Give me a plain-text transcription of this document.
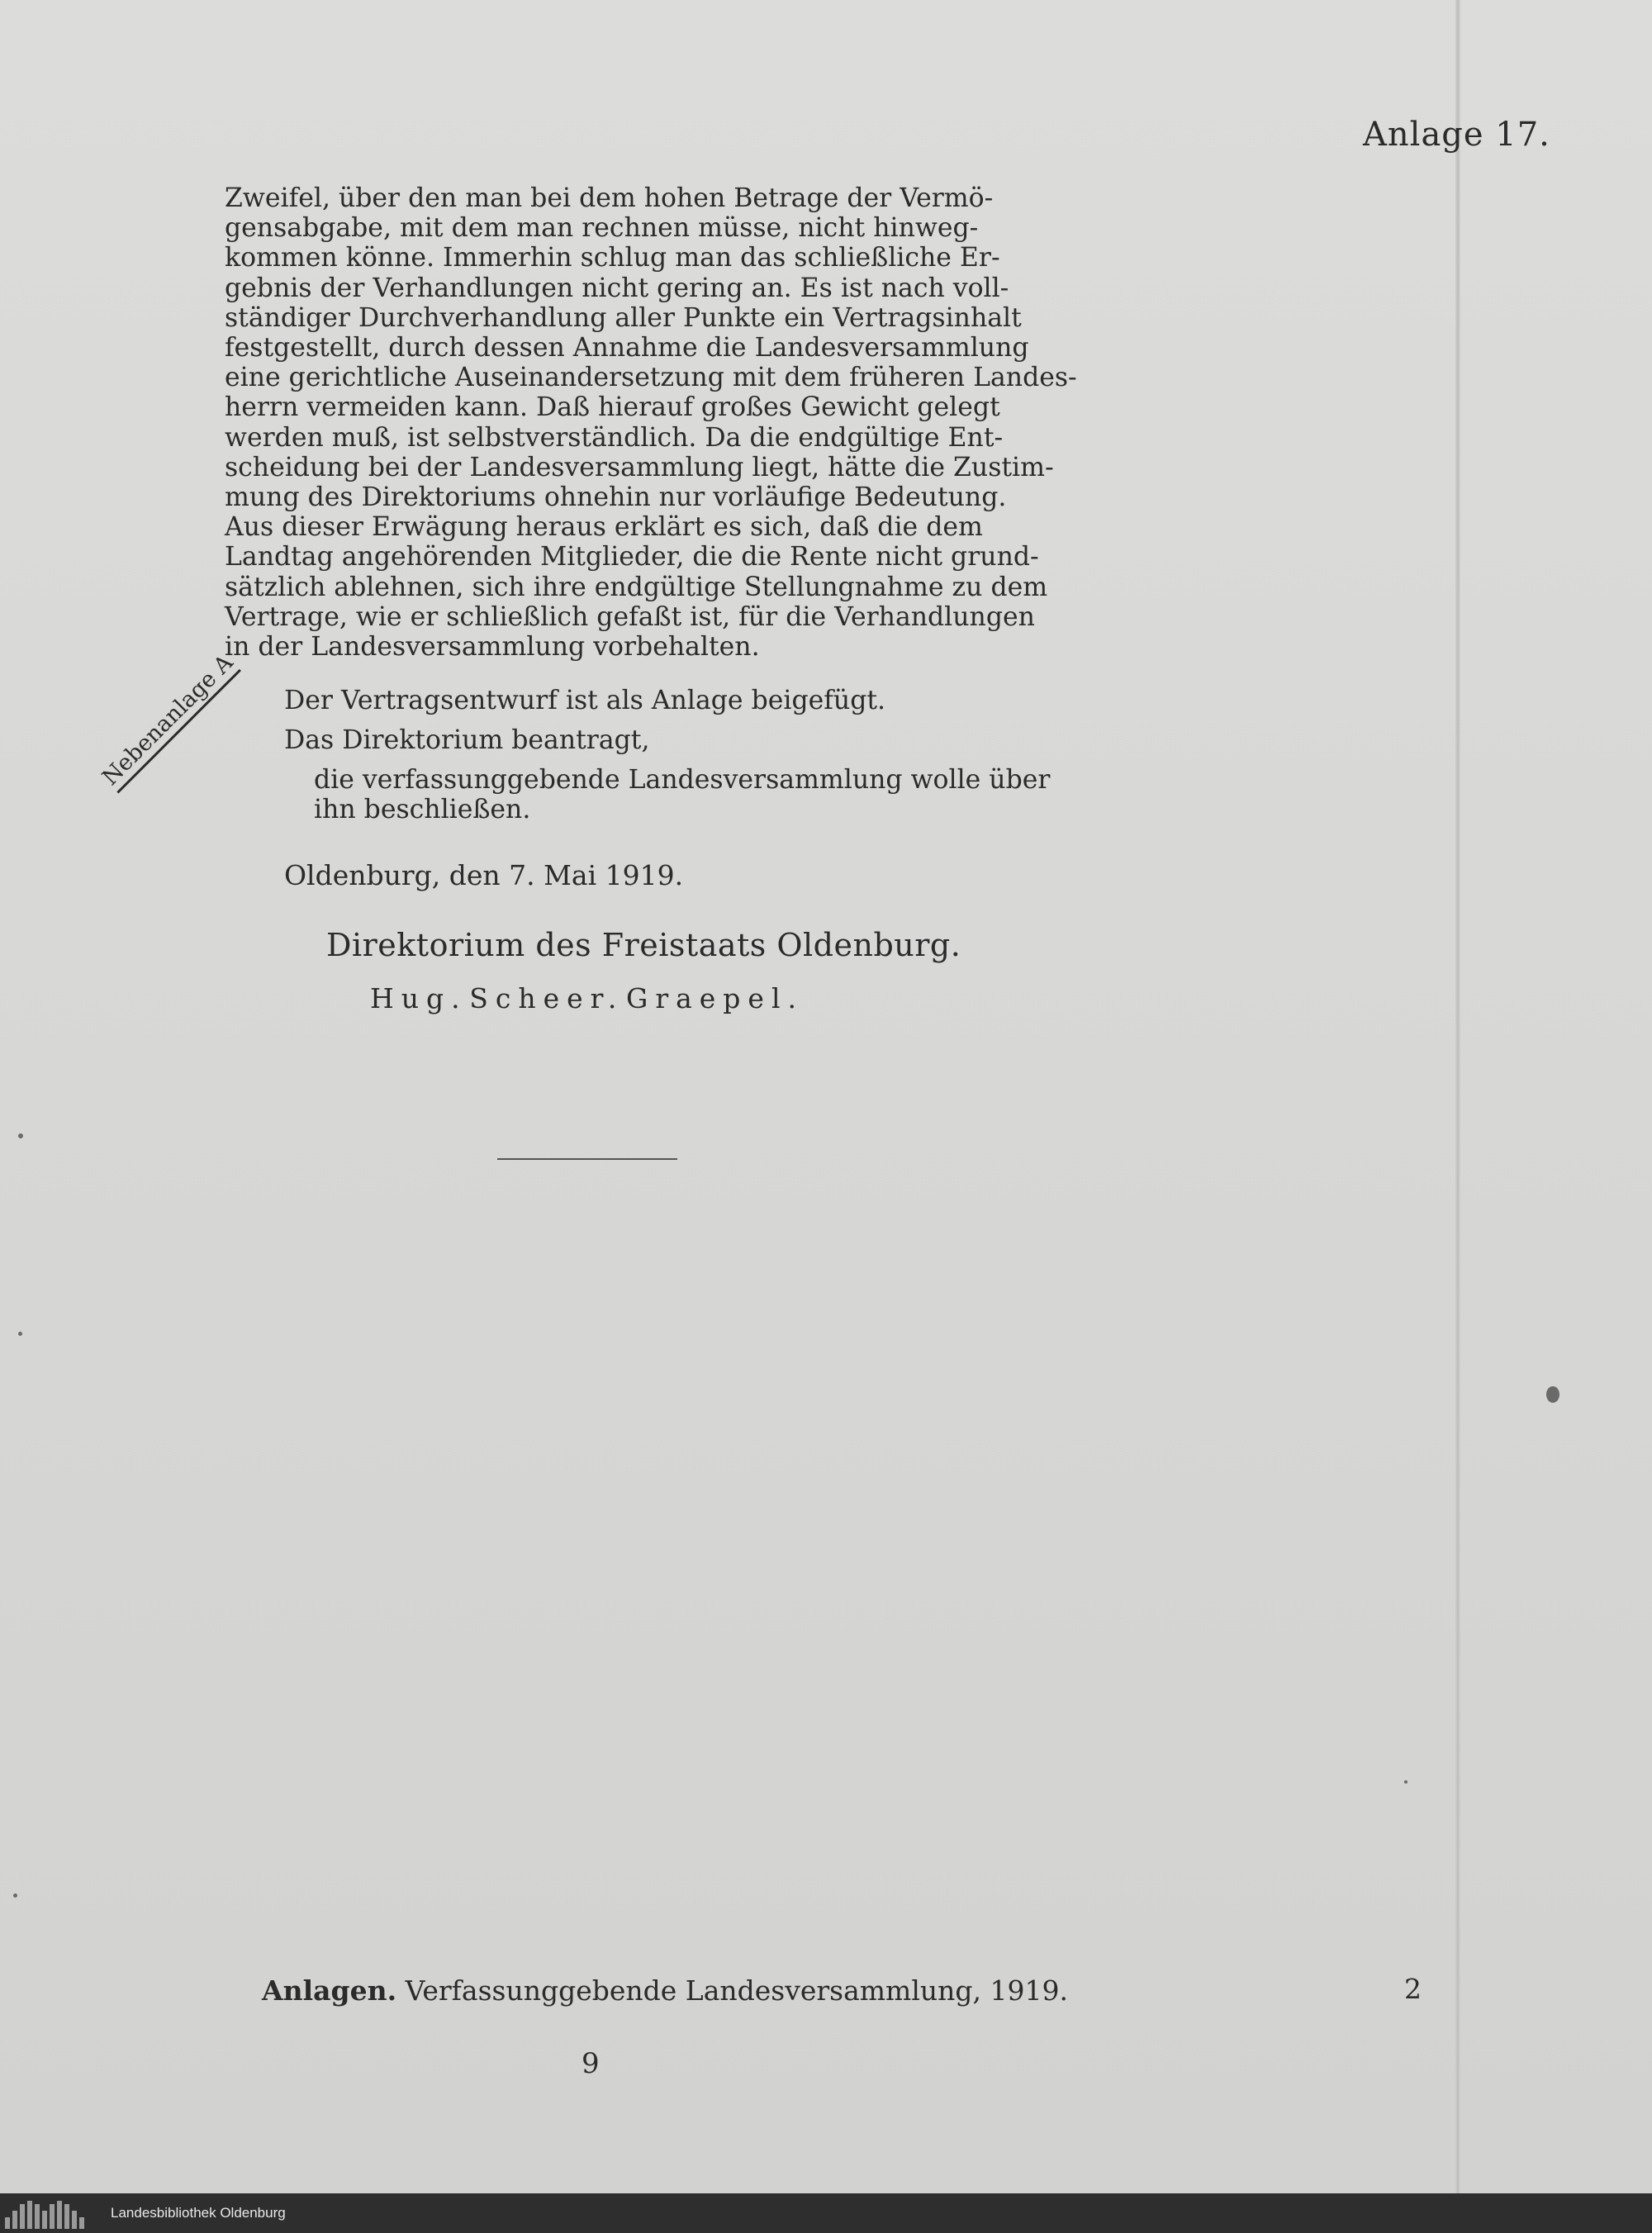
Anlage 17.
Zweifel, über den man bei dem hohen Betrage der Vermö-
gensabgabe, mit dem man rechnen müsse, nicht hinweg-
kommen könne. Immerhin schlug man das schließliche Er-
gebnis der Verhandlungen nicht gering an. Es ist nach voll-
ständiger Durchverhandlung aller Punkte ein Vertragsinhalt
festgestellt, durch dessen Annahme die Landesversammlung
eine gerichtliche Auseinandersetzung mit dem früheren Landes-
herrn vermeiden kann. Daß hierauf großes Gewicht gelegt
werden muß, ist selbstverständlich. Da die endgültige Ent-
scheidung bei der Landesversammlung liegt, hätte die Zustim-
mung des Direktoriums ohnehin nur vorläufige Bedeutung.
Aus dieser Erwägung heraus erklärt es sich, daß die dem
Landtag angehörenden Mitglieder, die die Rente nicht grund-
sätzlich ablehnen, sich ihre endgültige Stellungnahme zu dem
Vertrage, wie er schließlich gefaßt ist, für die Verhandlungen
in der Landesversammlung vorbehalten.
Der Vertragsentwurf ist als Anlage beigefügt.
Das Direktorium beantragt,
die verfassunggebende Landesversammlung wolle über
ihn beschließen.
Nebenanlage A
Oldenburg, den 7. Mai 1919.
Direktorium des Freistaats Oldenburg.
Hug. Scheer. Graepel.
Anlagen. Verfassunggebende Landesversammlung, 1919.	2
9
Landesbibliothek Oldenburg
